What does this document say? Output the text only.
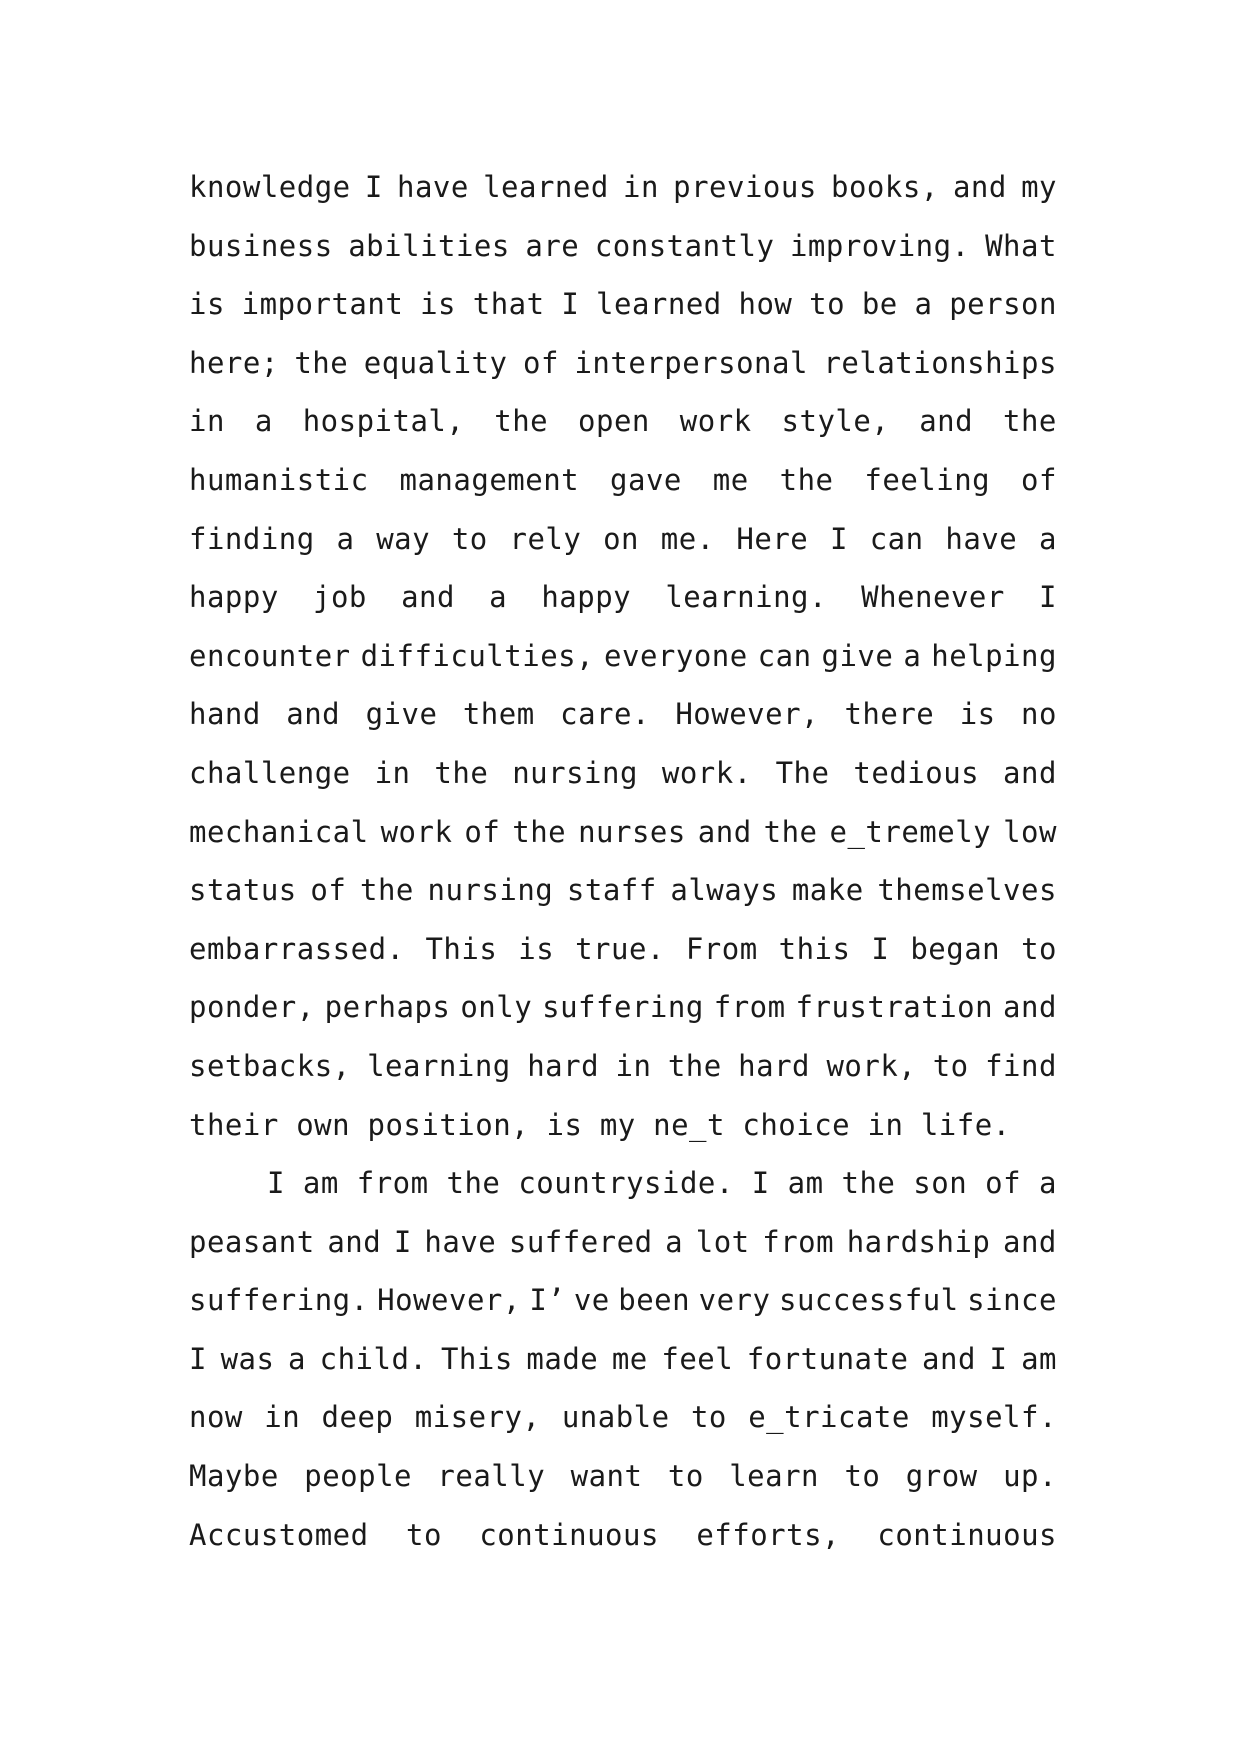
knowledge I have learned in previous books, and my
business abilities are constantly improving. What
is important is that I learned how to be a person
here; the equality of interpersonal relationships
in a hospital, the open work style, and the
humanistic management gave me the feeling of
finding a way to rely on me. Here I can have a
happy job and a happy learning. Whenever I
encounter difficulties, everyone can give a helping
hand and give them care. However, there is no
challenge in the nursing work. The tedious and
mechanical work of the nurses and the e_tremely low
status of the nursing staff always make themselves
embarrassed. This is true. From this I began to
ponder, perhaps only suffering from frustration and
setbacks, learning hard in the hard work, to find
their own position, is my ne_t choice in life.
I am from the countryside. I am the son of a
peasant and I have suffered a lot from hardship and
suffering. However, I’ ve been very successful since
I was a child. This made me feel fortunate and I am
now in deep misery, unable to e_tricate myself.
Maybe people really want to learn to grow up.
Accustomed to continuous efforts, continuous
